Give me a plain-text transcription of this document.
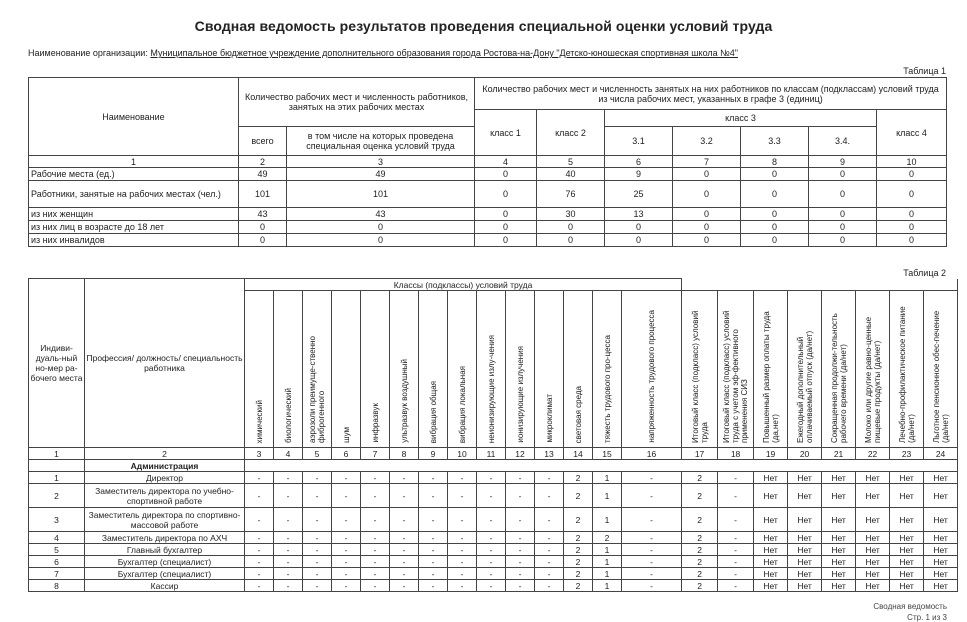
Сводная ведомость результатов проведения специальной оценки условий труда
Наименование организации: Муниципальное бюджетное учреждение дополнительного образования города Ростова-на-Дону "Детско-юношеская спортивная школа №4"
Таблица 1
Наименование	Количество рабочих мест и численность работников, занятых на этих рабочих местах		Количество рабочих мест и численность занятых на них работников по классам (подклассам) условий труда из числа рабочих мест, указанных в графе 3 (единиц)						
			класс 1	класс 2	класс 3				класс 4
	всего	в том числе на которых проведена специальная оценка условий труда			3.1	3.2	3.3	3.4.	
1	2	3	4	5	6	7	8	9	10
Рабочие места (ед.)	49	49	0	40	9	0	0	0	0
Работники, занятые на рабочих местах (чел.)	101	101	0	76	25	0	0	0	0
из них женщин	43	43	0	30	13	0	0	0	0
из них лиц в возрасте до 18 лет	0	0	0	0	0	0	0	0	0
из них инвалидов	0	0	0	0	0	0	0	0	0
Таблица 2
Индиви-дуаль-ный но-мер ра-бочего места	Профессия/ должность/ специальность работника	Классы (подклассы) условий труда																					
		химический	биологический	аэрозоли преимуще-ственно фиброгенного	шум	инфразвук	ультразвук воздушный	вибрация общая	вибрация локальная	неионизирующие излу-чения	ионизирующие излучения	микроклимат	световая среда	тяжесть трудового про-цесса	напряженность трудового процесса	Итоговый класс (подкласс) условий труда	Итоговый класс (подкласс) условий труда с учетом эф-фективного применения СИЗ	Повышенный размер оплаты труда (да,нет)	Ежегодный дополнительный оплачиваемый отпуск (да/нет)	Сокращенная продолжи-тельность рабочего времени (да/нет)	Молоко или другие равно-ценные пищевые продукты (да/нет)	Лечебно-профилактическое питание (да/нет)	Льготное пенсионное обес-печение (да/нет)
1	2	3	4	5	6	7	8	9	10	11	12	13	14	15	16	17	18	19	20	21	22	23	24
	Администрация																						
1	Директор	-	-	-	-	-	-	-	-	-	-	-	2	1	-	2	-	Нет	Нет	Нет	Нет	Нет	Нет
2	Заместитель директора по учебно-спортивной работе	-	-	-	-	-	-	-	-	-	-	-	2	1	-	2	-	Нет	Нет	Нет	Нет	Нет	Нет
3	Заместитель директора по спортивно-массовой работе	-	-	-	-	-	-	-	-	-	-	-	2	1	-	2	-	Нет	Нет	Нет	Нет	Нет	Нет
4	Заместитель директора по АХЧ	-	-	-	-	-	-	-	-	-	-	-	2	2	-	2	-	Нет	Нет	Нет	Нет	Нет	Нет
5	Главный бухгалтер	-	-	-	-	-	-	-	-	-	-	-	2	1	-	2	-	Нет	Нет	Нет	Нет	Нет	Нет
6	Бухгалтер (специалист)	-	-	-	-	-	-	-	-	-	-	-	2	1	-	2	-	Нет	Нет	Нет	Нет	Нет	Нет
7	Бухгалтер (специалист)	-	-	-	-	-	-	-	-	-	-	-	2	1	-	2	-	Нет	Нет	Нет	Нет	Нет	Нет
8	Кассир	-	-	-	-	-	-	-	-	-	-	-	2	1	-	2	-	Нет	Нет	Нет	Нет	Нет	Нет
Сводная ведомость
Стр. 1 из 3
